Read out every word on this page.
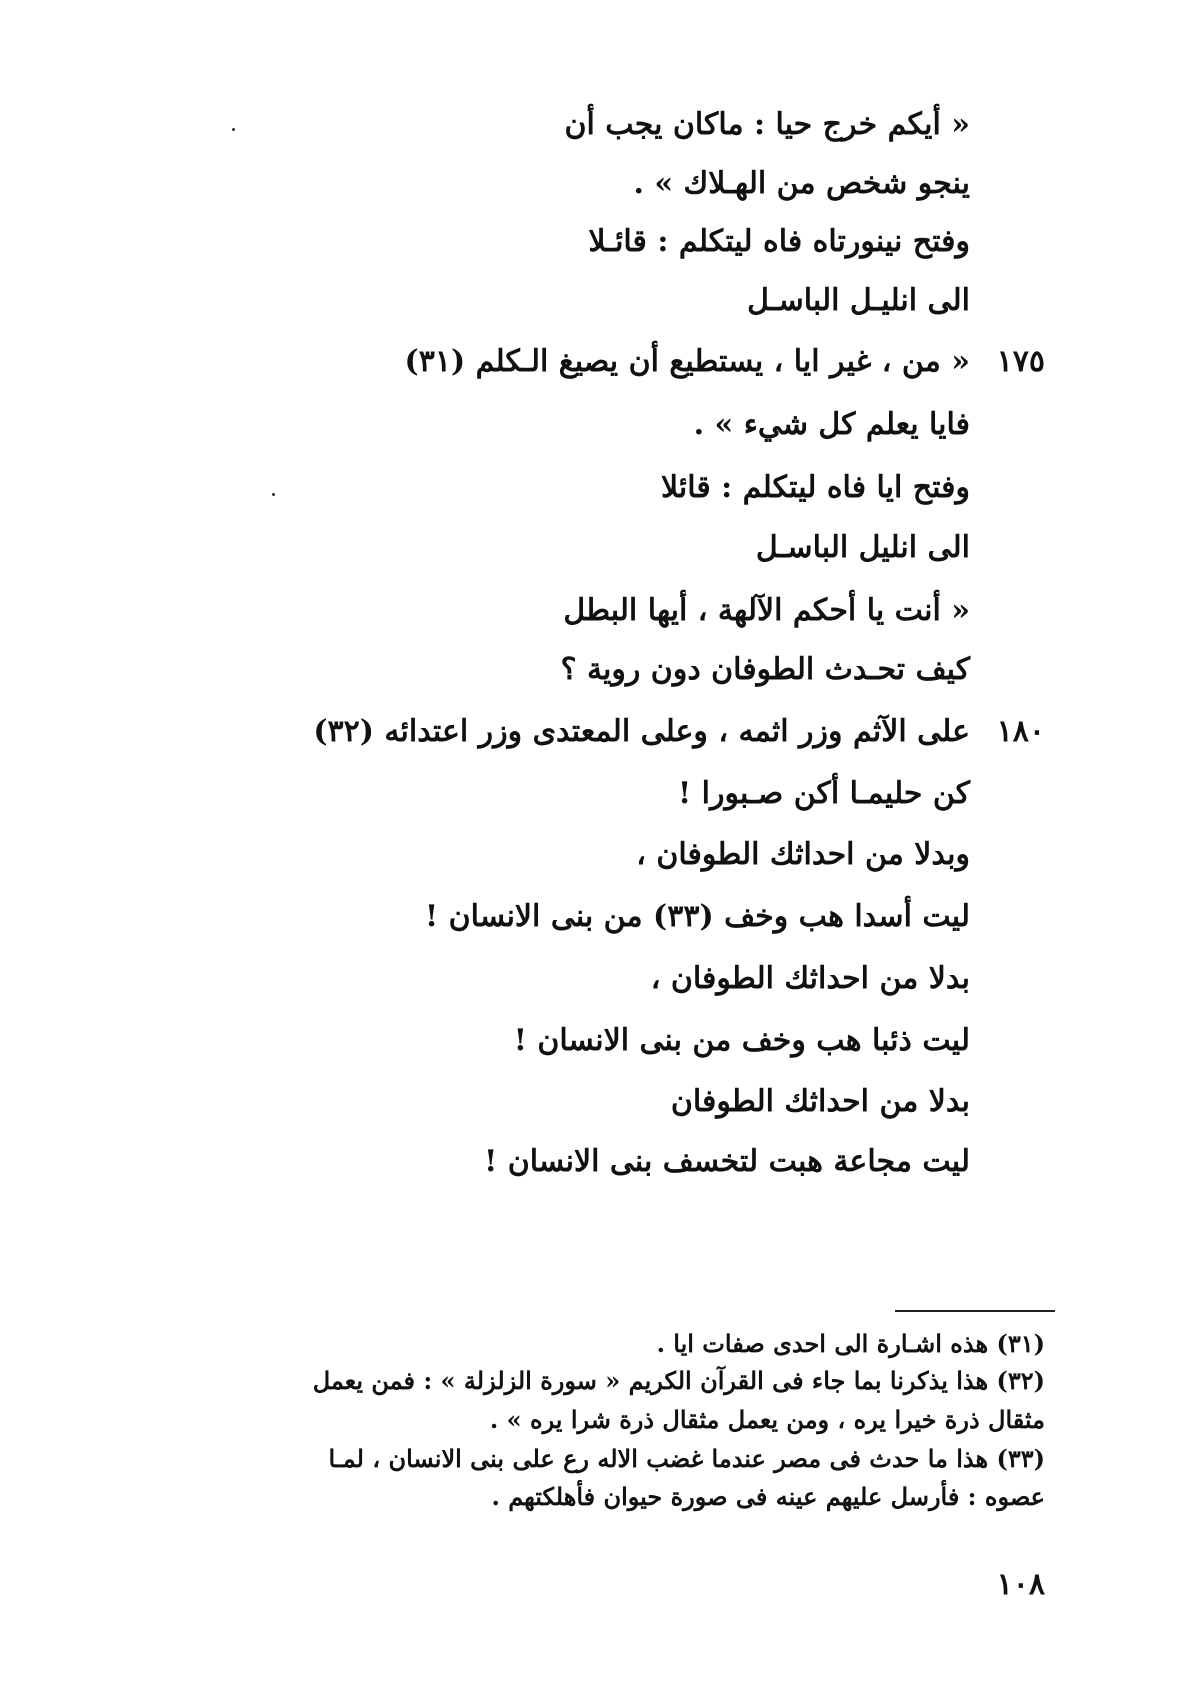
« أيكم خرج حيا : ماكان يجب أن
ينجو شخص من الهـلاك » .
وفتح نينورتاه فاه ليتكلم : قائـلا
الى انليـل الباسـل
١٧٥
« من ، غير ايا ، يستطيع أن يصيغ الـكلم (٣١)
فايا يعلم كل شيء » .
وفتح ايا فاه ليتكلم : قائلا
الى انليل الباسـل
« أنت يا أحكم الآلهة ، أيها البطل
كيف تحـدث الطوفان دون روية ؟
١٨٠
على الآثم وزر اثمه ، وعلى المعتدى وزر اعتدائه (٣٢)
كن حليمـا أكن صـبورا !
وبدلا من احداثك الطوفان ،
ليت أسدا هب وخف (٣٣) من بنى الانسان !
بدلا من احداثك الطوفان ،
ليت ذئبا هب وخف من بنى الانسان !
بدلا من احداثك الطوفان
ليت مجاعة هبت لتخسف بنى الانسان !
(٣١) هذه اشـارة الى احدى صفات ايا .
(٣٢) هذا يذكرنا بما جاء فى القرآن الكريم « سورة الزلزلة » : فمن يعمل
مثقال ذرة خيرا يره ، ومن يعمل مثقال ذرة شرا يره » .
(٣٣) هذا ما حدث فى مصر عندما غضب الاله رع على بنى الانسان ، لمـا
عصوه : فأرسل عليهم عينه فى صورة حيوان فأهلكتهم .
١٠٨
